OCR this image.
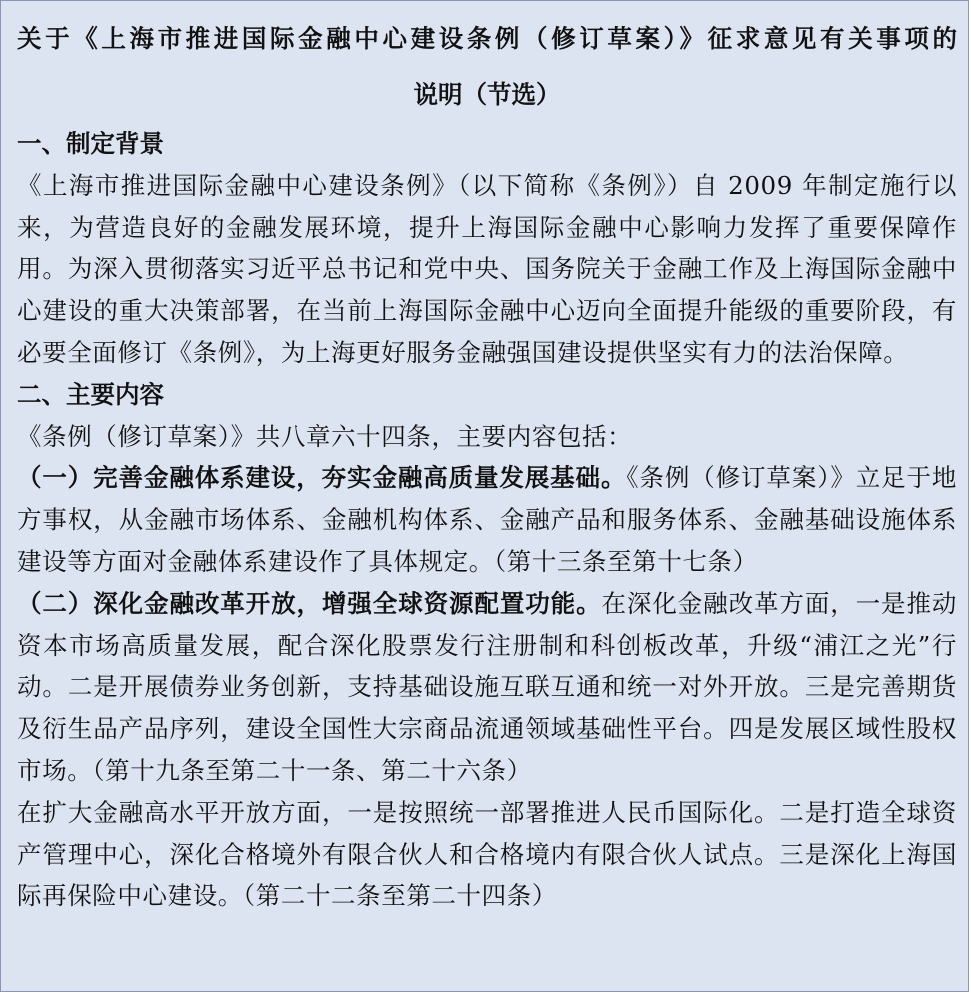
关于《上海市推进国际金融中心建设条例（修订草案）》征求意见有关事项的
说明（节选）
一、制定背景

《上海市推进国际金融中心建设条例》（以下简称《条例》）自 2009 年制定施行以来，为营造良好的金融发展环境，提升上海国际金融中心影响力发挥了重要保障作用。为深入贯彻落实习近平总书记和党中央、国务院关于金融工作及上海国际金融中心建设的重大决策部署，在当前上海国际金融中心迈向全面提升能级的重要阶段，有必要全面修订《条例》，为上海更好服务金融强国建设提供坚实有力的法治保障。

二、主要内容

《条例（修订草案）》共八章六十四条，主要内容包括：

（一）完善金融体系建设，夯实金融高质量发展基础。《条例（修订草案）》立足于地方事权，从金融市场体系、金融机构体系、金融产品和服务体系、金融基础设施体系建设等方面对金融体系建设作了具体规定。（第十三条至第十七条）

（二）深化金融改革开放，增强全球资源配置功能。在深化金融改革方面，一是推动资本市场高质量发展，配合深化股票发行注册制和科创板改革，升级“浦江之光”行动。二是开展债券业务创新，支持基础设施互联互通和统一对外开放。三是完善期货及衍生品产品序列，建设全国性大宗商品流通领域基础性平台。四是发展区域性股权市场。（第十九条至第二十一条、第二十六条）

在扩大金融高水平开放方面，一是按照统一部署推进人民币国际化。二是打造全球资产管理中心，深化合格境外有限合伙人和合格境内有限合伙人试点。三是深化上海国际再保险中心建设。（第二十二条至第二十四条）
